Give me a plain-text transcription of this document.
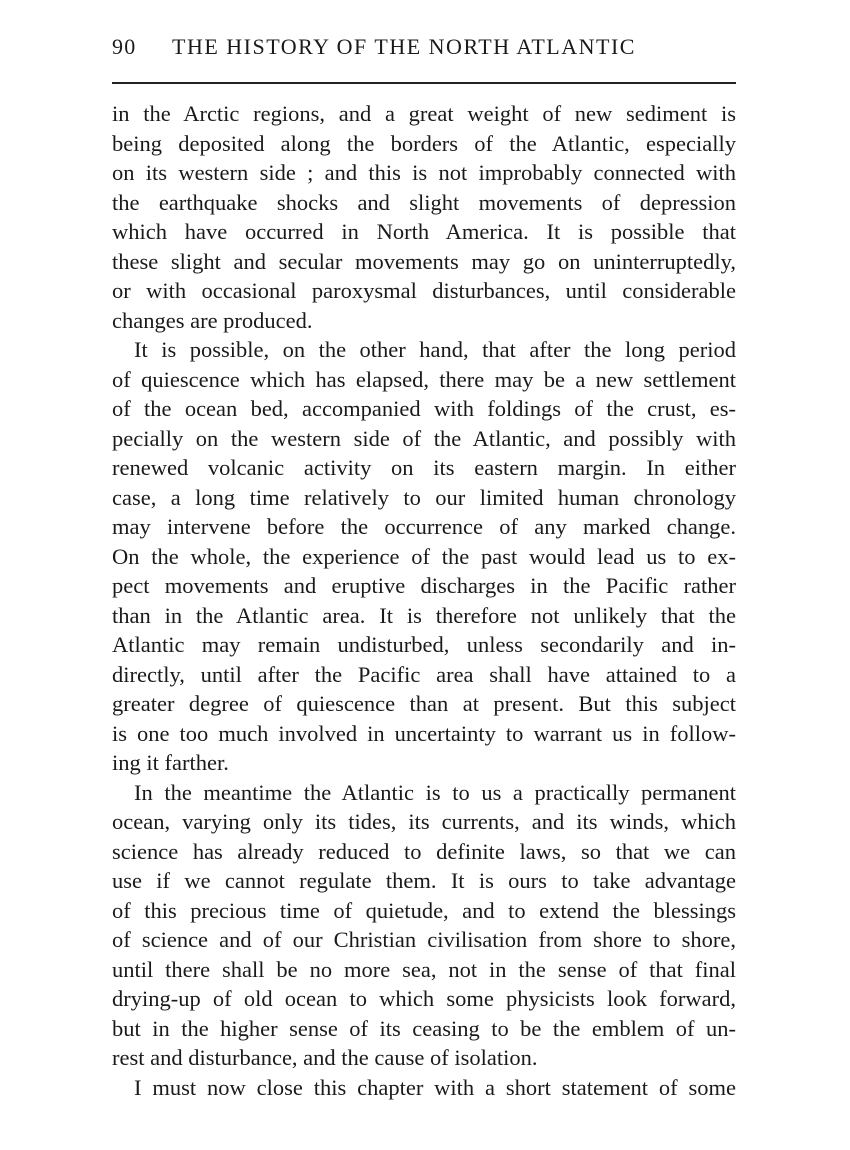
90 THE HISTORY OF THE NORTH ATLANTIC
in the Arctic regions, and a great weight of new sediment is
being deposited along the borders of the Atlantic, especially
on its western side ; and this is not improbably connected with
the earthquake shocks and slight movements of depression
which have occurred in North America. It is possible that
these slight and secular movements may go on uninterruptedly,
or with occasional paroxysmal disturbances, until considerable
changes are produced.
It is possible, on the other hand, that after the long period
of quiescence which has elapsed, there may be a new settlement
of the ocean bed, accompanied with foldings of the crust, es-
pecially on the western side of the Atlantic, and possibly with
renewed volcanic activity on its eastern margin. In either
case, a long time relatively to our limited human chronology
may intervene before the occurrence of any marked change.
On the whole, the experience of the past would lead us to ex-
pect movements and eruptive discharges in the Pacific rather
than in the Atlantic area. It is therefore not unlikely that the
Atlantic may remain undisturbed, unless secondarily and in-
directly, until after the Pacific area shall have attained to a
greater degree of quiescence than at present. But this subject
is one too much involved in uncertainty to warrant us in follow-
ing it farther.
In the meantime the Atlantic is to us a practically permanent
ocean, varying only its tides, its currents, and its winds, which
science has already reduced to definite laws, so that we can
use if we cannot regulate them. It is ours to take advantage
of this precious time of quietude, and to extend the blessings
of science and of our Christian civilisation from shore to shore,
until there shall be no more sea, not in the sense of that final
drying-up of old ocean to which some physicists look forward,
but in the higher sense of its ceasing to be the emblem of un-
rest and disturbance, and the cause of isolation.
I must now close this chapter with a short statement of some
